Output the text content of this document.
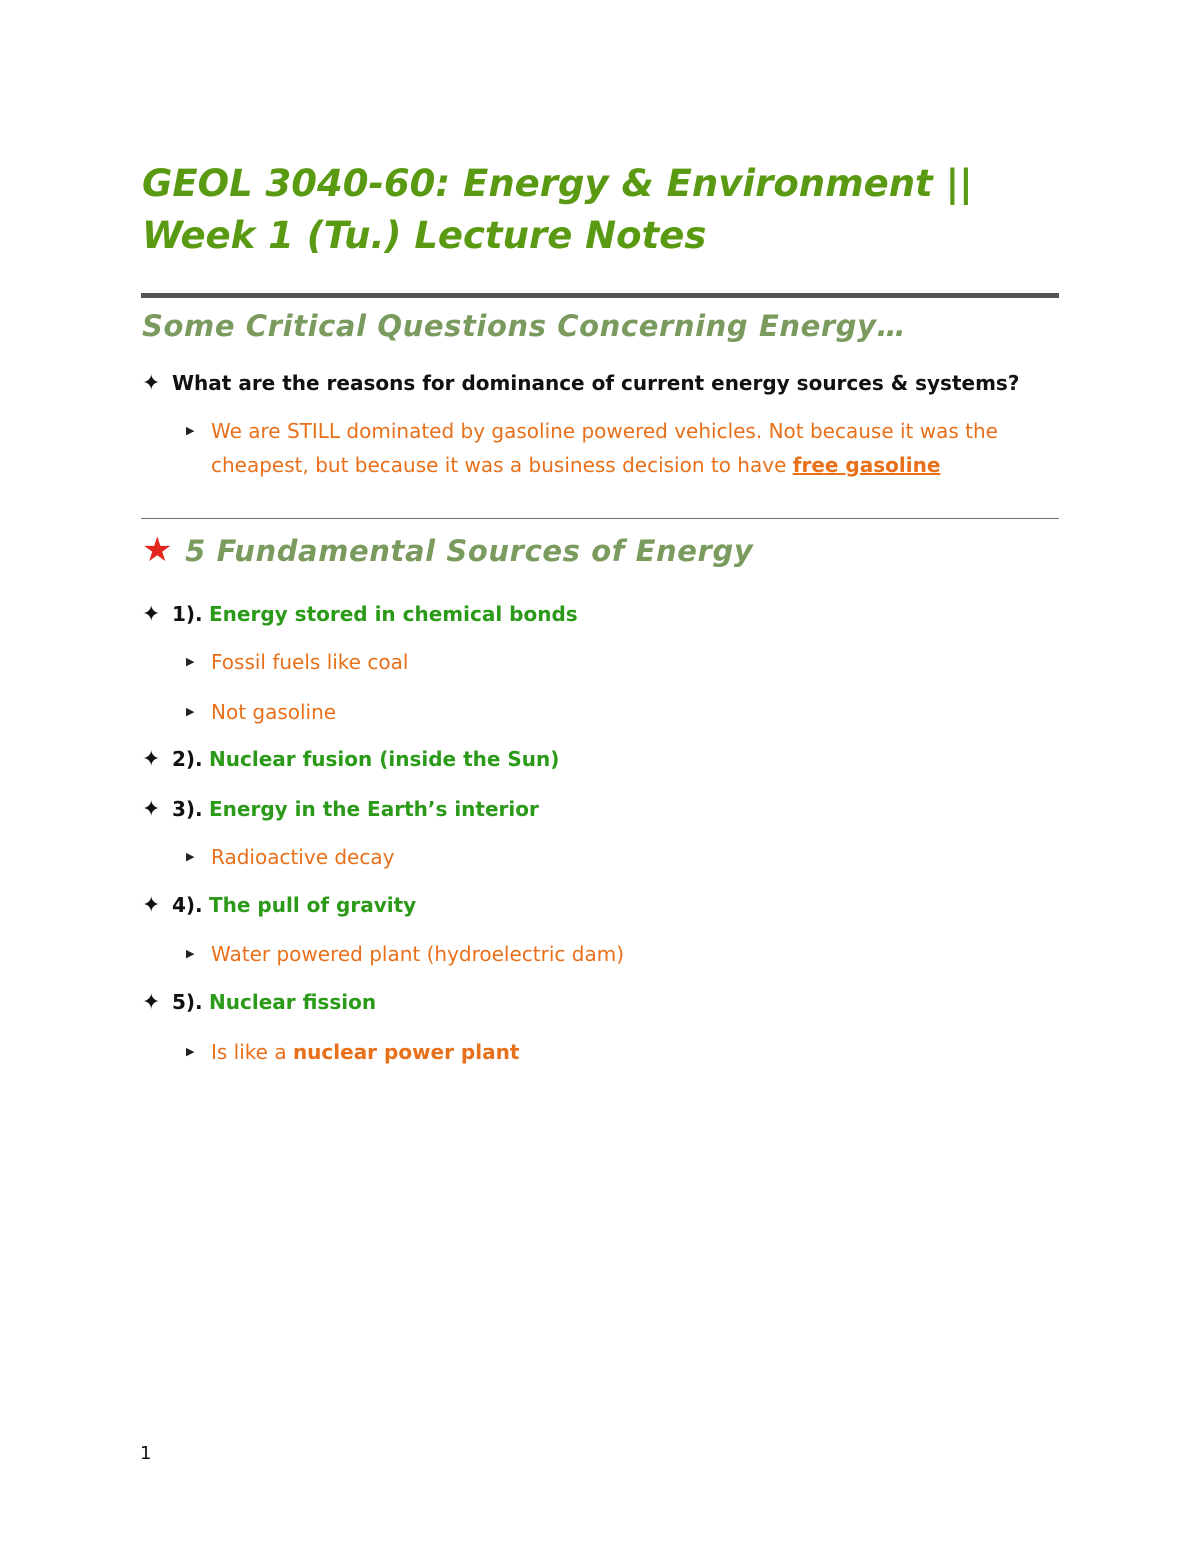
GEOL 3040-60: Energy & Environment ||
Week 1 (Tu.) Lecture Notes
Some Critical Questions Concerning Energy…
✦ What are the reasons for dominance of current energy sources & systems?
▶ We are STILL dominated by gasoline powered vehicles. Not because it was the
cheapest, but because it was a business decision to have free gasoline
★ 5 Fundamental Sources of Energy
✦ 1). Energy stored in chemical bonds
▶ Fossil fuels like coal
▶ Not gasoline
✦ 2). Nuclear fusion (inside the Sun)
✦ 3). Energy in the Earth’s interior
▶ Radioactive decay
✦ 4). The pull of gravity
▶ Water powered plant (hydroelectric dam)
✦ 5). Nuclear fission
▶ Is like a nuclear power plant
1
